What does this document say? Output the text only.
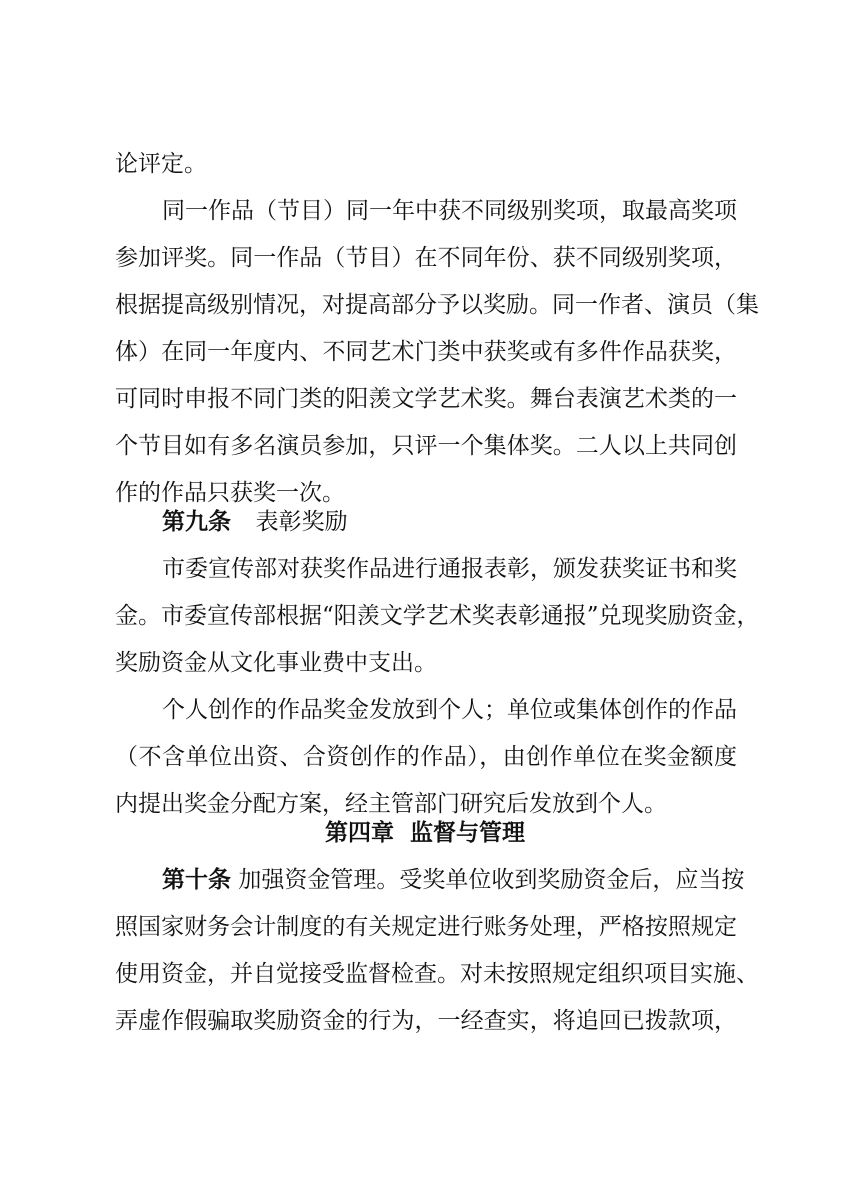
论评定。
同一作品（节目）同一年中获不同级别奖项，取最高奖项
参加评奖。同一作品（节目）在不同年份、获不同级别奖项，
根据提高级别情况，对提高部分予以奖励。同一作者、演员（集
体）在同一年度内、不同艺术门类中获奖或有多件作品获奖，
可同时申报不同门类的阳羡文学艺术奖。舞台表演艺术类的一
个节目如有多名演员参加，只评一个集体奖。二人以上共同创
作的作品只获奖一次。
第九条 表彰奖励
市委宣传部对获奖作品进行通报表彰，颁发获奖证书和奖
金。市委宣传部根据“阳羡文学艺术奖表彰通报”兑现奖励资金，
奖励资金从文化事业费中支出。
个人创作的作品奖金发放到个人；单位或集体创作的作品
（不含单位出资、合资创作的作品），由创作单位在奖金额度
内提出奖金分配方案，经主管部门研究后发放到个人。
第四章  监督与管理
第十条 加强资金管理。受奖单位收到奖励资金后，应当按
照国家财务会计制度的有关规定进行账务处理，严格按照规定
使用资金，并自觉接受监督检查。对未按照规定组织项目实施、
弄虚作假骗取奖励资金的行为，一经查实，将追回已拨款项，
